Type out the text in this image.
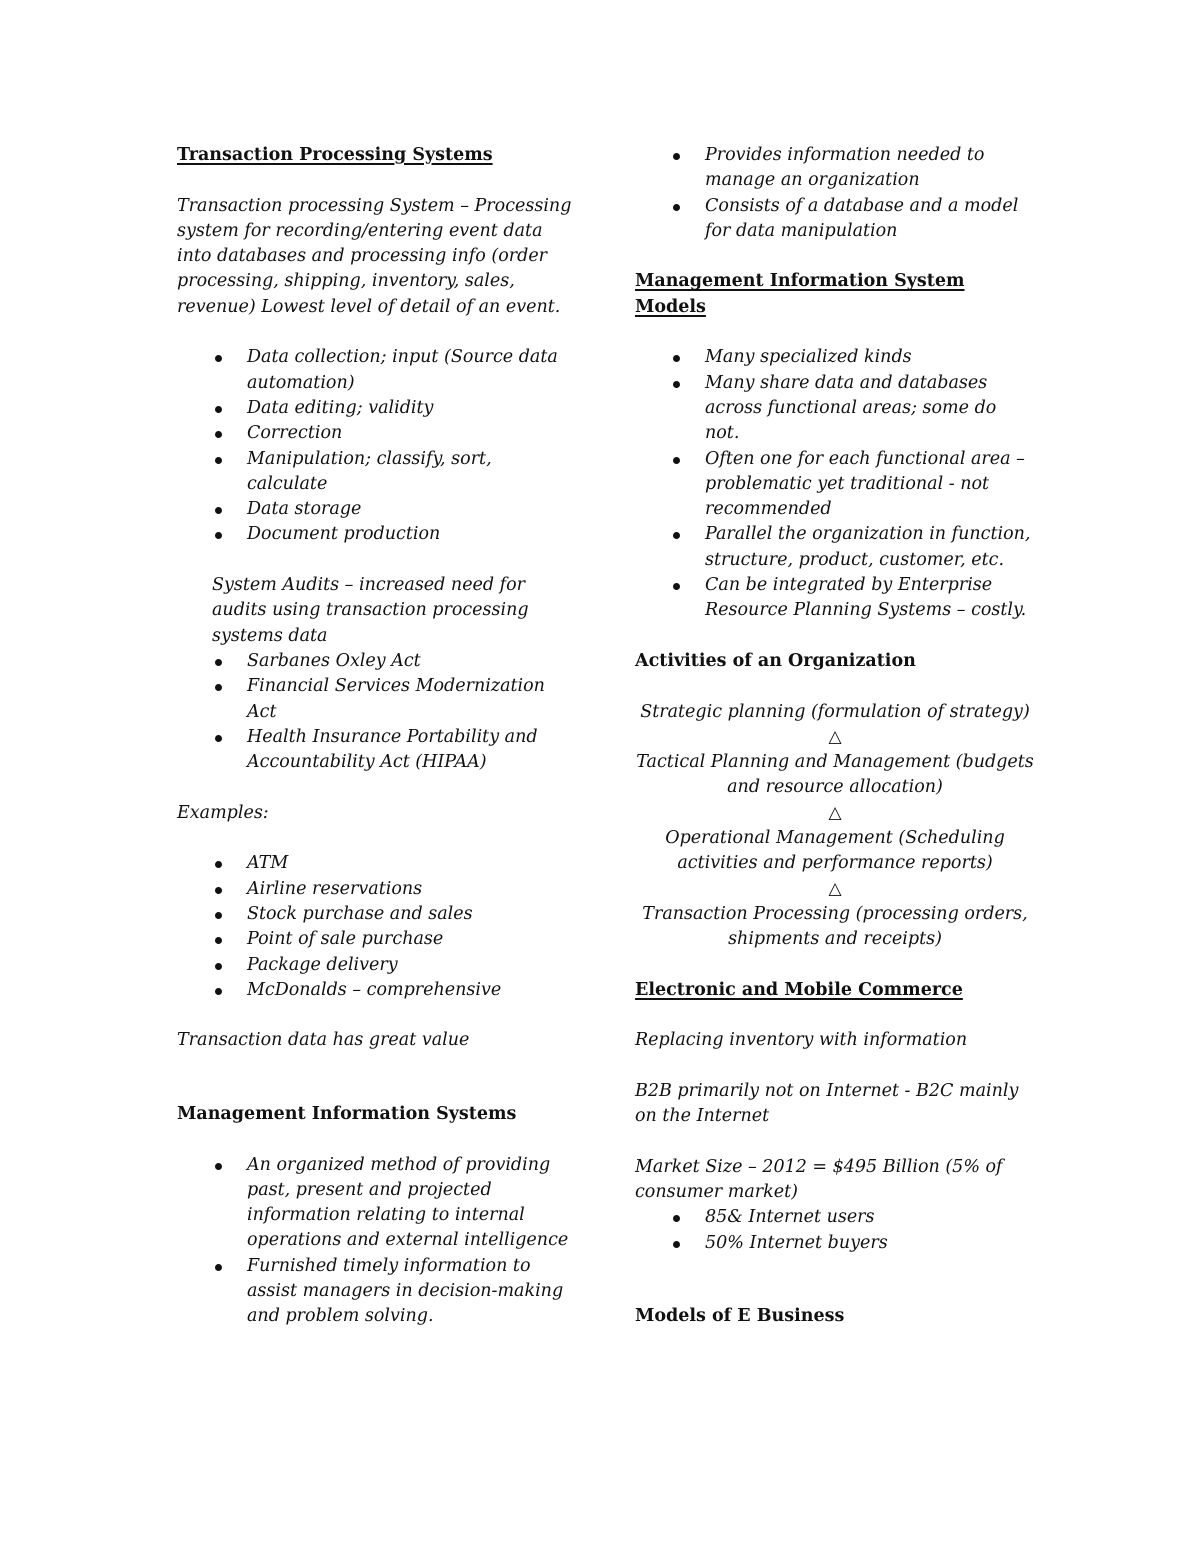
Transaction Processing Systems

Transaction processing System – Processing system for recording/entering event data into databases and processing info (order processing, shipping, inventory, sales, revenue) Lowest level of detail of an event.

Data collection; input (Source data automation)
Data editing; validity
Correction
Manipulation; classify, sort, calculate
Data storage
Document production

System Audits – increased need for audits using transaction processing systems data

Sarbanes Oxley Act
Financial Services Modernization Act
Health Insurance Portability and Accountability Act (HIPAA)

Examples:

ATM
Airline reservations
Stock purchase and sales
Point of sale purchase
Package delivery
McDonalds – comprehensive

Transaction data has great value

Management Information Systems

An organized method of providing past, present and projected information relating to internal operations and external intelligence
Furnished timely information to assist managers in decision-making and problem solving.
Provides information needed to manage an organization
Consists of a database and a model for data manipulation

Management Information System
Models

Many specialized kinds
Many share data and databases across functional areas; some do not.
Often one for each functional area – problematic yet traditional - not recommended
Parallel the organization in function, structure, product, customer, etc.
Can be integrated by Enterprise Resource Planning Systems – costly.

Activities of an Organization

Strategic planning (formulation of strategy)

△

Tactical Planning and Management (budgets and resource allocation)

△

Operational Management (Scheduling activities and performance reports)

△

Transaction Processing (processing orders, shipments and receipts)

Electronic and Mobile Commerce

Replacing inventory with information

B2B primarily not on Internet - B2C mainly on the Internet

Market Size – 2012 = $495 Billion (5% of consumer market)

85& Internet users
50% Internet buyers

Models of E Business
